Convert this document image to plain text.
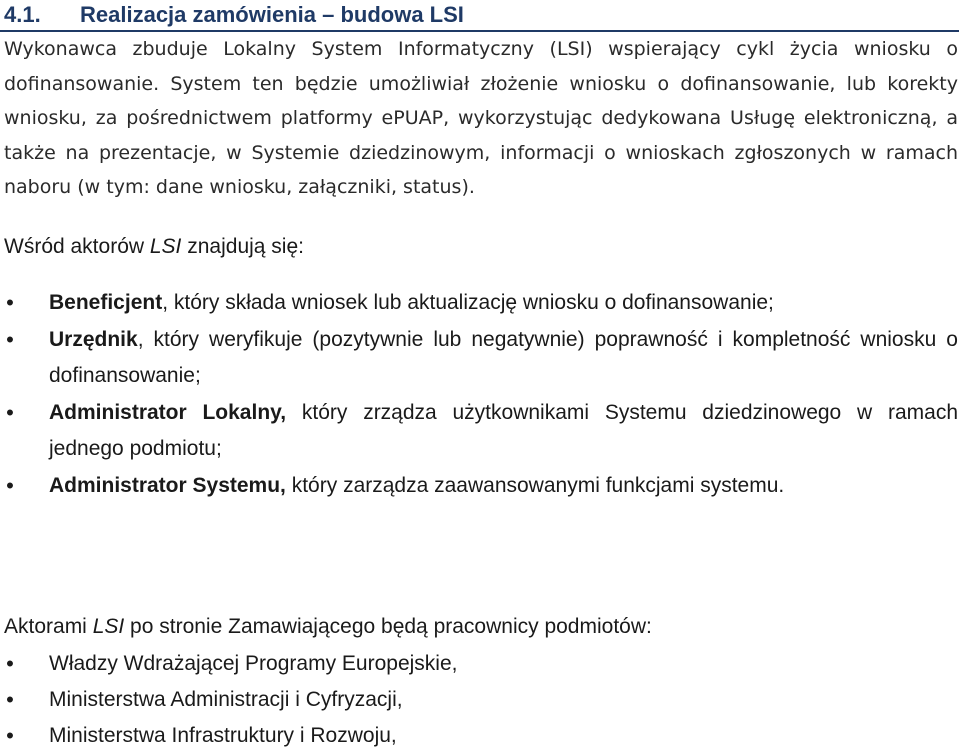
4.1. Realizacja zamówienia – budowa LSI
Wykonawca zbuduje Lokalny System Informatyczny (LSI) wspierający cykl życia wniosku o dofinansowanie. System ten będzie umożliwiał złożenie wniosku o dofinansowanie, lub korekty wniosku, za pośrednictwem platformy ePUAP, wykorzystując dedykowana Usługę elektroniczną, a także na prezentacje, w Systemie dziedzinowym, informacji o wnioskach zgłoszonych w ramach naboru (w tym: dane wniosku, załączniki, status).
Wśród aktorów LSI znajdują się:
• Beneficjent, który składa wniosek lub aktualizację wniosku o dofinansowanie;
• Urzędnik, który weryfikuje (pozytywnie lub negatywnie) poprawność i kompletność wniosku o dofinansowanie;
• Administrator Lokalny, który zrządza użytkownikami Systemu dziedzinowego w ramach jednego podmiotu;
• Administrator Systemu, który zarządza zaawansowanymi funkcjami systemu.
Aktorami LSI po stronie Zamawiającego będą pracownicy podmiotów:
• Władzy Wdrażającej Programy Europejskie,
• Ministerstwa Administracji i Cyfryzacji,
• Ministerstwa Infrastruktury i Rozwoju,
